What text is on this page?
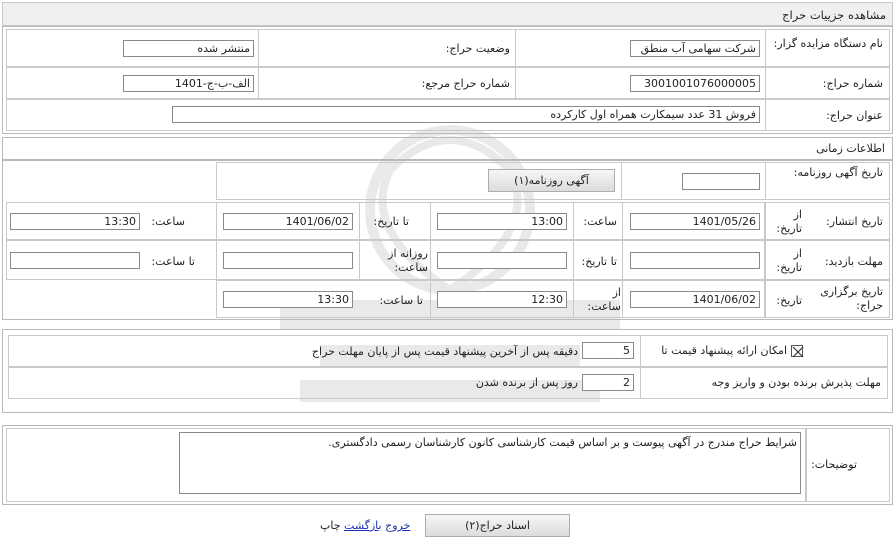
مشاهده جزییات حراج
نام دستگاه مزایده گزار:
شرکت سهامی آب منطق
وضعیت حراج:
منتشر شده
شماره حراج:
3001001076000005
شماره حراج مرجع:
الف-ب-ج-1401
عنوان حراج:
فروش 31 عدد سیمکارت همراه اول کارکرده
اطلاعات زمانی
تاریخ آگهی روزنامه:
آگهی روزنامه(۱)
تاریخ انتشار:
از تاریخ:
1401/05/26
ساعت:
13:00
تا تاریخ:
1401/06/02
ساعت:
13:30
مهلت بازدید:
از تاریخ:
تا تاریخ:
روزانه از ساعت:
تا ساعت:
تاریخ برگزاری حراج:
تاریخ:
1401/06/02
از ساعت:
12:30
تا ساعت:
13:30
امکان ارائه پیشنهاد قیمت تا
5
دقیقه پس از آخرین پیشنهاد قیمت پس از پایان مهلت حراج
مهلت پذیرش برنده بودن و واریز وجه
2
روز پس از برنده شدن
توضیحات:
شرایط حراج مندرج در آگهی پیوست و بر اساس قیمت کارشناسی کانون کارشناسان رسمی دادگستری.
اسناد حراج(۲)
خروج بازگشت چاپ
